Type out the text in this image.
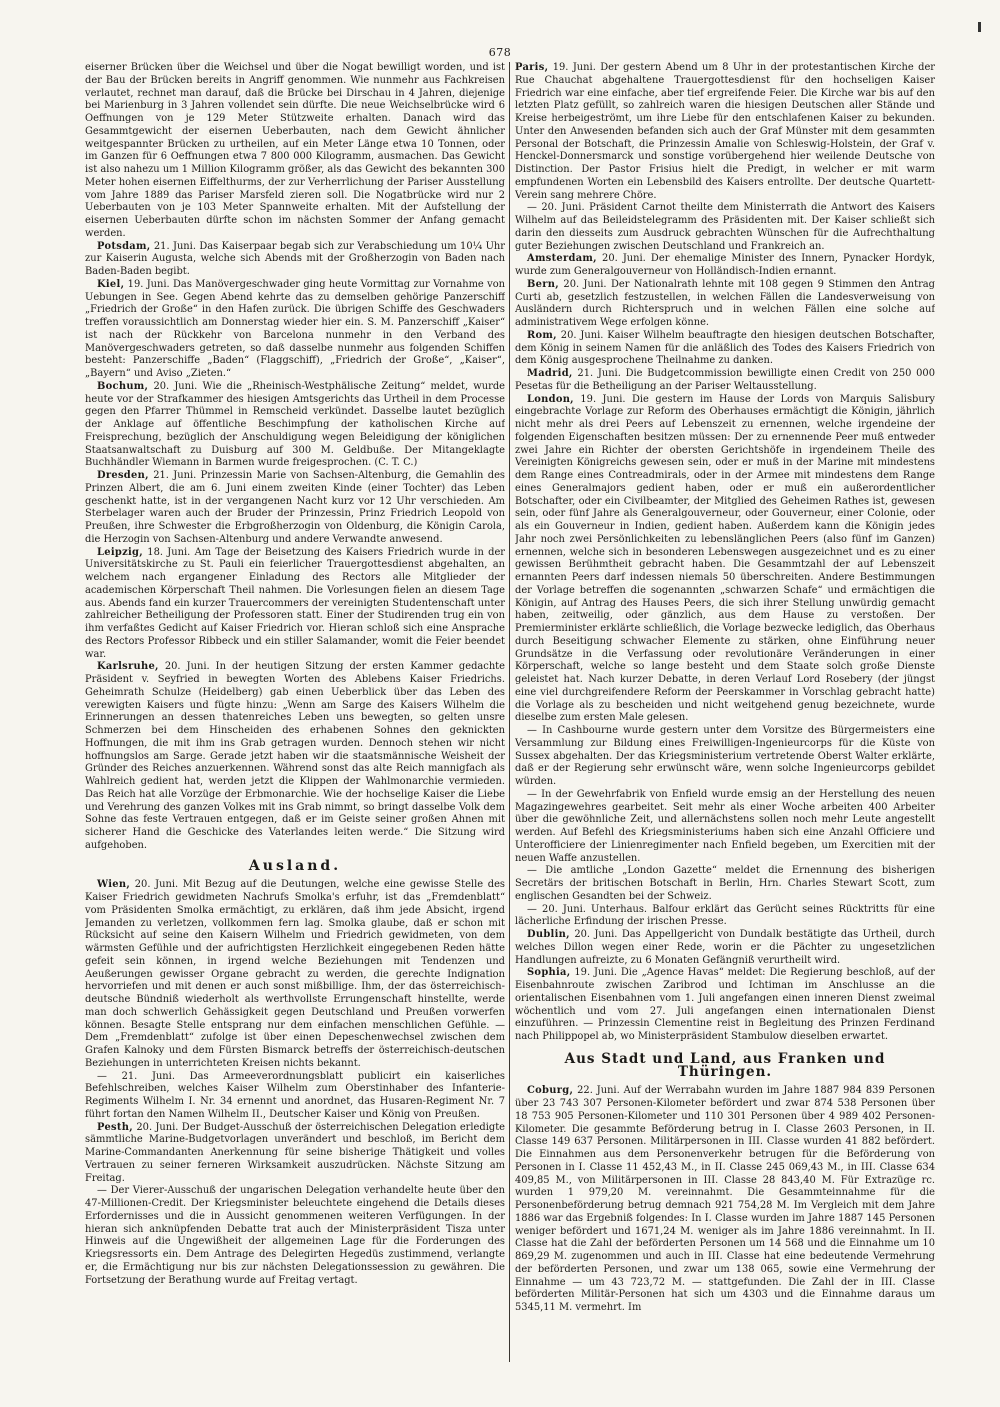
678

eiserner Brücken über die Weichsel und über die Nogat bewilligt worden, und ist der Bau der Brücken bereits in Angriff genommen. Wie nunmehr aus Fachkreisen verlautet, rechnet man darauf, daß die Brücke bei Dirschau in 4 Jahren, diejenige bei Marienburg in 3 Jahren vollendet sein dürfte. Die neue Weichselbrücke wird 6 Oeffnungen von je 129 Meter Stützweite erhalten. Danach wird das Gesammtgewicht der eisernen Ueberbauten, nach dem Gewicht ähnlicher weitgespannter Brücken zu urtheilen, auf ein Meter Länge etwa 10 Tonnen, oder im Ganzen für 6 Oeffnungen etwa 7 800 000 Kilogramm, ausmachen. Das Gewicht ist also nahezu um 1 Million Kilogramm größer, als das Gewicht des bekannten 300 Meter hohen eisernen Eiffelthurms, der zur Verherrlichung der Pariser Ausstellung vom Jahre 1889 das Pariser Marsfeld zieren soll. Die Nogatbrücke wird nur 2 Ueberbauten von je 103 Meter Spannweite erhalten. Mit der Aufstellung der eisernen Ueberbauten dürfte schon im nächsten Sommer der Anfang gemacht werden.

Potsdam, 21. Juni. Das Kaiserpaar begab sich zur Verabschiedung um 10¼ Uhr zur Kaiserin Augusta, welche sich Abends mit der Großherzogin von Baden nach Baden-Baden begibt.

Kiel, 19. Juni. Das Manövergeschwader ging heute Vormittag zur Vornahme von Uebungen in See. Gegen Abend kehrte das zu demselben gehörige Panzerschiff „Friedrich der Große“ in den Hafen zurück. Die übrigen Schiffe des Geschwaders treffen voraussichtlich am Donnerstag wieder hier ein. S. M. Panzerschiff „Kaiser“ ist nach der Rückkehr von Barcelona nunmehr in den Verband des Manövergeschwaders getreten, so daß dasselbe nunmehr aus folgenden Schiffen besteht: Panzerschiffe „Baden“ (Flaggschiff), „Friedrich der Große“, „Kaiser“, „Bayern“ und Aviso „Zieten.“

Bochum, 20. Juni. Wie die „Rheinisch-Westphälische Zeitung“ meldet, wurde heute vor der Strafkammer des hiesigen Amtsgerichts das Urtheil in dem Processe gegen den Pfarrer Thümmel in Remscheid verkündet. Dasselbe lautet bezüglich der Anklage auf öffentliche Beschimpfung der katholischen Kirche auf Freisprechung, bezüglich der Anschuldigung wegen Beleidigung der königlichen Staatsanwaltschaft zu Duisburg auf 300 M. Geldbuße. Der Mitangeklagte Buchhändler Wiemann in Barmen wurde freigesprochen. (C. T. C.)

Dresden, 21. Juni. Prinzessin Marie von Sachsen-Altenburg, die Gemahlin des Prinzen Albert, die am 6. Juni einem zweiten Kinde (einer Tochter) das Leben geschenkt hatte, ist in der vergangenen Nacht kurz vor 12 Uhr verschieden. Am Sterbelager waren auch der Bruder der Prinzessin, Prinz Friedrich Leopold von Preußen, ihre Schwester die Erbgroßherzogin von Oldenburg, die Königin Carola, die Herzogin von Sachsen-Altenburg und andere Verwandte anwesend.

Leipzig, 18. Juni. Am Tage der Beisetzung des Kaisers Friedrich wurde in der Universitätskirche zu St. Pauli ein feierlicher Trauergottesdienst abgehalten, an welchem nach ergangener Einladung des Rectors alle Mitglieder der academischen Körperschaft Theil nahmen. Die Vorlesungen fielen an diesem Tage aus. Abends fand ein kurzer Trauercommers der vereinigten Studentenschaft unter zahlreicher Betheiligung der Professoren statt. Einer der Studirenden trug ein von ihm verfaßtes Gedicht auf Kaiser Friedrich vor. Hieran schloß sich eine Ansprache des Rectors Professor Ribbeck und ein stiller Salamander, womit die Feier beendet war.

Karlsruhe, 20. Juni. In der heutigen Sitzung der ersten Kammer gedachte Präsident v. Seyfried in bewegten Worten des Ablebens Kaiser Friedrichs. Geheimrath Schulze (Heidelberg) gab einen Ueberblick über das Leben des verewigten Kaisers und fügte hinzu: „Wenn am Sarge des Kaisers Wilhelm die Erinnerungen an dessen thatenreiches Leben uns bewegten, so gelten unsre Schmerzen bei dem Hinscheiden des erhabenen Sohnes den geknickten Hoffnungen, die mit ihm ins Grab getragen wurden. Dennoch stehen wir nicht hoffnungslos am Sarge. Gerade jetzt haben wir die staatsmännische Weisheit der Gründer des Reiches anzuerkennen. Während sonst das alte Reich mannigfach als Wahlreich gedient hat, werden jetzt die Klippen der Wahlmonarchie vermieden. Das Reich hat alle Vorzüge der Erbmonarchie. Wie der hochselige Kaiser die Liebe und Verehrung des ganzen Volkes mit ins Grab nimmt, so bringt dasselbe Volk dem Sohne das feste Vertrauen entgegen, daß er im Geiste seiner großen Ahnen mit sicherer Hand die Geschicke des Vaterlandes leiten werde.“ Die Sitzung wird aufgehoben.

Ausland.

Wien, 20. Juni. Mit Bezug auf die Deutungen, welche eine gewisse Stelle des Kaiser Friedrich gewidmeten Nachrufs Smolka's erfuhr, ist das „Fremdenblatt“ vom Präsidenten Smolka ermächtigt, zu erklären, daß ihm jede Absicht, irgend Jemanden zu verletzen, vollkommen fern lag. Smolka glaube, daß er schon mit Rücksicht auf seine den Kaisern Wilhelm und Friedrich gewidmeten, von dem wärmsten Gefühle und der aufrichtigsten Herzlichkeit eingegebenen Reden hätte gefeit sein können, in irgend welche Beziehungen mit Tendenzen und Aeußerungen gewisser Organe gebracht zu werden, die gerechte Indignation hervorriefen und mit denen er auch sonst mißbillige. Ihm, der das österreichisch-deutsche Bündniß wiederholt als werthvollste Errungenschaft hinstellte, werde man doch schwerlich Gehässigkeit gegen Deutschland und Preußen vorwerfen können. Besagte Stelle entsprang nur dem einfachen menschlichen Gefühle. — Dem „Fremdenblatt“ zufolge ist über einen Depeschenwechsel zwischen dem Grafen Kalnoky und dem Fürsten Bismarck betreffs der österreichisch-deutschen Beziehungen in unterrichteten Kreisen nichts bekannt.

— 21. Juni. Das Armeeverordnungsblatt publicirt ein kaiserliches Befehlschreiben, welches Kaiser Wilhelm zum Oberstinhaber des Infanterie-Regiments Wilhelm I. Nr. 34 ernennt und anordnet, das Husaren-Regiment Nr. 7 führt fortan den Namen Wilhelm II., Deutscher Kaiser und König von Preußen.

Pesth, 20. Juni. Der Budget-Ausschuß der österreichischen Delegation erledigte sämmtliche Marine-Budgetvorlagen unverändert und beschloß, im Bericht dem Marine-Commandanten Anerkennung für seine bisherige Thätigkeit und volles Vertrauen zu seiner ferneren Wirksamkeit auszudrücken. Nächste Sitzung am Freitag.

— Der Vierer-Ausschuß der ungarischen Delegation verhandelte heute über den 47-Millionen-Credit. Der Kriegsminister beleuchtete eingehend die Details dieses Erfordernisses und die in Aussicht genommenen weiteren Verfügungen. In der hieran sich anknüpfenden Debatte trat auch der Ministerpräsident Tisza unter Hinweis auf die Ungewißheit der allgemeinen Lage für die Forderungen des Kriegsressorts ein. Dem Antrage des Delegirten Hegedüs zustimmend, verlangte er, die Ermächtigung nur bis zur nächsten Delegationssession zu gewähren. Die Fortsetzung der Berathung wurde auf Freitag vertagt.

Paris, 19. Juni. Der gestern Abend um 8 Uhr in der protestantischen Kirche der Rue Chauchat abgehaltene Trauergottesdienst für den hochseligen Kaiser Friedrich war eine einfache, aber tief ergreifende Feier. Die Kirche war bis auf den letzten Platz gefüllt, so zahlreich waren die hiesigen Deutschen aller Stände und Kreise herbeigeströmt, um ihre Liebe für den entschlafenen Kaiser zu bekunden. Unter den Anwesenden befanden sich auch der Graf Münster mit dem gesammten Personal der Botschaft, die Prinzessin Amalie von Schleswig-Holstein, der Graf v. Henckel-Donnersmarck und sonstige vorübergehend hier weilende Deutsche von Distinction. Der Pastor Frisius hielt die Predigt, in welcher er mit warm empfundenen Worten ein Lebensbild des Kaisers entrollte. Der deutsche Quartett-Verein sang mehrere Chöre.

— 20. Juni. Präsident Carnot theilte dem Ministerrath die Antwort des Kaisers Wilhelm auf das Beileidstelegramm des Präsidenten mit. Der Kaiser schließt sich darin den diesseits zum Ausdruck gebrachten Wünschen für die Aufrechthaltung guter Beziehungen zwischen Deutschland und Frankreich an.

Amsterdam, 20. Juni. Der ehemalige Minister des Innern, Pynacker Hordyk, wurde zum Generalgouverneur von Holländisch-Indien ernannt.

Bern, 20. Juni. Der Nationalrath lehnte mit 108 gegen 9 Stimmen den Antrag Curti ab, gesetzlich festzustellen, in welchen Fällen die Landesverweisung von Ausländern durch Richterspruch und in welchen Fällen eine solche auf administrativem Wege erfolgen könne.

Rom, 20. Juni. Kaiser Wilhelm beauftragte den hiesigen deutschen Botschafter, dem König in seinem Namen für die anläßlich des Todes des Kaisers Friedrich von dem König ausgesprochene Theilnahme zu danken.

Madrid, 21. Juni. Die Budgetcommission bewilligte einen Credit von 250 000 Pesetas für die Betheiligung an der Pariser Weltausstellung.

London, 19. Juni. Die gestern im Hause der Lords von Marquis Salisbury eingebrachte Vorlage zur Reform des Oberhauses ermächtigt die Königin, jährlich nicht mehr als drei Peers auf Lebenszeit zu ernennen, welche irgendeine der folgenden Eigenschaften besitzen müssen: Der zu ernennende Peer muß entweder zwei Jahre ein Richter der obersten Gerichtshöfe in irgendeinem Theile des Vereinigten Königreichs gewesen sein, oder er muß in der Marine mit mindestens dem Range eines Contreadmirals, oder in der Armee mit mindestens dem Range eines Generalmajors gedient haben, oder er muß ein außerordentlicher Botschafter, oder ein Civilbeamter, der Mitglied des Geheimen Rathes ist, gewesen sein, oder fünf Jahre als Generalgouverneur, oder Gouverneur, einer Colonie, oder als ein Gouverneur in Indien, gedient haben. Außerdem kann die Königin jedes Jahr noch zwei Persönlichkeiten zu lebenslänglichen Peers (also fünf im Ganzen) ernennen, welche sich in besonderen Lebenswegen ausgezeichnet und es zu einer gewissen Berühmtheit gebracht haben. Die Gesammtzahl der auf Lebenszeit ernannten Peers darf indessen niemals 50 überschreiten. Andere Bestimmungen der Vorlage betreffen die sogenannten „schwarzen Schafe“ und ermächtigen die Königin, auf Antrag des Hauses Peers, die sich ihrer Stellung unwürdig gemacht haben, zeitweilig, oder gänzlich, aus dem Hause zu verstoßen. Der Premierminister erklärte schließlich, die Vorlage bezwecke lediglich, das Oberhaus durch Beseitigung schwacher Elemente zu stärken, ohne Einführung neuer Grundsätze in die Verfassung oder revolutionäre Veränderungen in einer Körperschaft, welche so lange besteht und dem Staate solch große Dienste geleistet hat. Nach kurzer Debatte, in deren Verlauf Lord Rosebery (der jüngst eine viel durchgreifendere Reform der Peerskammer in Vorschlag gebracht hatte) die Vorlage als zu bescheiden und nicht weitgehend genug bezeichnete, wurde dieselbe zum ersten Male gelesen.

— In Cashbourne wurde gestern unter dem Vorsitze des Bürgermeisters eine Versammlung zur Bildung eines Freiwilligen-Ingenieurcorps für die Küste von Sussex abgehalten. Der das Kriegsministerium vertretende Oberst Walter erklärte, daß er der Regierung sehr erwünscht wäre, wenn solche Ingenieurcorps gebildet würden.

— In der Gewehrfabrik von Enfield wurde emsig an der Herstellung des neuen Magazingewehres gearbeitet. Seit mehr als einer Woche arbeiten 400 Arbeiter über die gewöhnliche Zeit, und allernächstens sollen noch mehr Leute angestellt werden. Auf Befehl des Kriegsministeriums haben sich eine Anzahl Officiere und Unterofficiere der Linienregimenter nach Enfield begeben, um Exercitien mit der neuen Waffe anzustellen.

— Die amtliche „London Gazette“ meldet die Ernennung des bisherigen Secretärs der britischen Botschaft in Berlin, Hrn. Charles Stewart Scott, zum englischen Gesandten bei der Schweiz.

— 20. Juni. Unterhaus. Balfour erklärt das Gerücht seines Rücktritts für eine lächerliche Erfindung der irischen Presse.

Dublin, 20. Juni. Das Appellgericht von Dundalk bestätigte das Urtheil, durch welches Dillon wegen einer Rede, worin er die Pächter zu ungesetzlichen Handlungen aufreizte, zu 6 Monaten Gefängniß verurtheilt wird.

Sophia, 19. Juni. Die „Agence Havas“ meldet: Die Regierung beschloß, auf der Eisenbahnroute zwischen Zaribrod und Ichtiman im Anschlusse an die orientalischen Eisenbahnen vom 1. Juli angefangen einen inneren Dienst zweimal wöchentlich und vom 27. Juli angefangen einen internationalen Dienst einzuführen. — Prinzessin Clementine reist in Begleitung des Prinzen Ferdinand nach Philippopel ab, wo Ministerpräsident Stambulow dieselben erwartet.

Aus Stadt und Land, aus Franken und Thüringen.

Coburg, 22. Juni. Auf der Werrabahn wurden im Jahre 1887 984 839 Personen über 23 743 307 Personen-Kilometer befördert und zwar 874 538 Personen über 18 753 905 Personen-Kilometer und 110 301 Personen über 4 989 402 Personen-Kilometer. Die gesammte Beförderung betrug in I. Classe 2603 Personen, in II. Classe 149 637 Personen. Militärpersonen in III. Classe wurden 41 882 befördert. Die Einnahmen aus dem Personenverkehr betrugen für die Beförderung von Personen in I. Classe 11 452,43 M., in II. Classe 245 069,43 M., in III. Classe 634 409,85 M., von Militärpersonen in III. Classe 28 843,40 M. Für Extrazüge rc. wurden 1 979,20 M. vereinnahmt. Die Gesammteinnahme für die Personenbeförderung betrug demnach 921 754,28 M. Im Vergleich mit dem Jahre 1886 war das Ergebniß folgendes: In I. Classe wurden im Jahre 1887 145 Personen weniger befördert und 1671,24 M. weniger als im Jahre 1886 vereinnahmt. In II. Classe hat die Zahl der beförderten Personen um 14 568 und die Einnahme um 10 869,29 M. zugenommen und auch in III. Classe hat eine bedeutende Vermehrung der beförderten Personen, und zwar um 138 065, sowie eine Vermehrung der Einnahme — um 43 723,72 M. — stattgefunden. Die Zahl der in III. Classe beförderten Militär-Personen hat sich um 4303 und die Einnahme daraus um 5345,11 M. vermehrt. Im
